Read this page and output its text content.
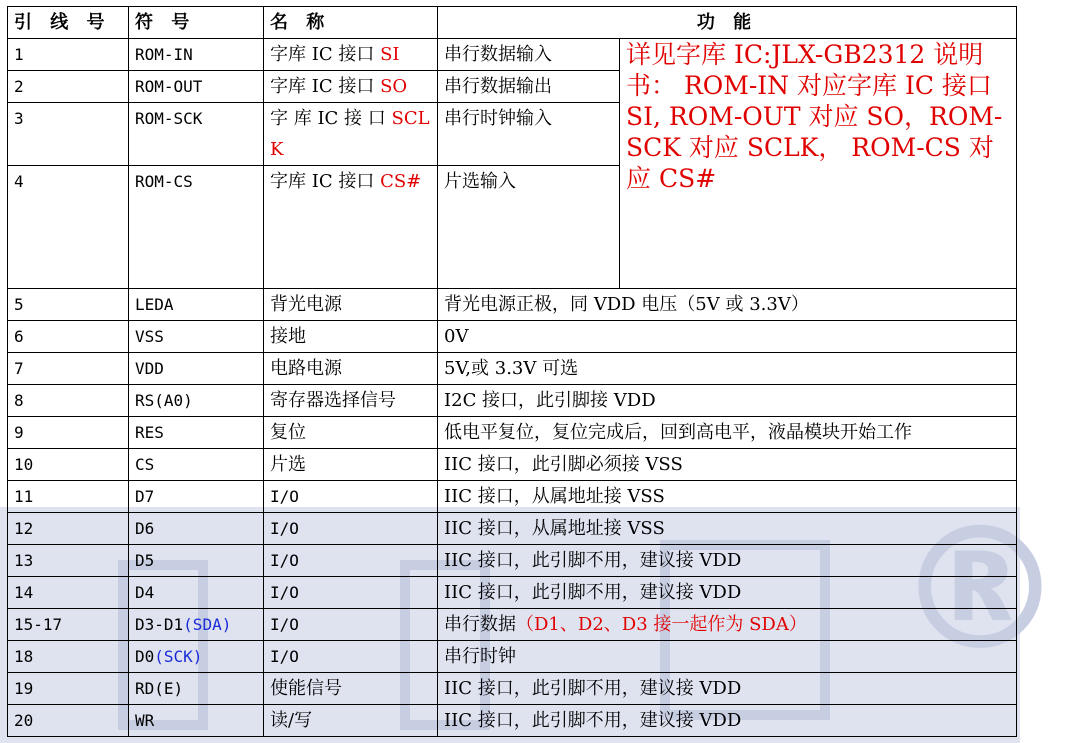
®
引 线 号	符 号	名 称	功 能	
1	ROM-IN	字库 IC 接口 SI	串行数据输入	详见字库 IC:JLX-GB2312 说明书： ROM-IN 对应字库 IC 接口 SI, ROM-OUT 对应 SO，ROM-SCK 对应 SCLK， ROM-CS 对应 CS#
2	ROM-OUT	字库 IC 接口 SO	串行数据输出	
3	ROM-SCK	字 库 IC 接 口 SCLK	串行时钟输入	
4	ROM-CS	字库 IC 接口 CS#	片选输入	
5	LEDA	背光电源	背光电源正极，同 VDD 电压（5V 或 3.3V）	
6	VSS	接地	0V	
7	VDD	电路电源	5V,或 3.3V 可选	
8	RS(A0)	寄存器选择信号	I2C 接口，此引脚接 VDD	
9	RES	复位	低电平复位，复位完成后，回到高电平，液晶模块开始工作	
10	CS	片选	IIC 接口，此引脚必须接 VSS	
11	D7	I/O	IIC 接口，从属地址接 VSS	
12	D6	I/O	IIC 接口，从属地址接 VSS	
13	D5	I/O	IIC 接口，此引脚不用，建议接 VDD	
14	D4	I/O	IIC 接口，此引脚不用，建议接 VDD	
15-17	D3-D1(SDA)	I/O	串行数据（D1、D2、D3 接一起作为 SDA）	
18	D0(SCK)	I/O	串行时钟	
19	RD(E)	使能信号	IIC 接口，此引脚不用，建议接 VDD	
20	WR	读/写	IIC 接口，此引脚不用，建议接 VDD	
